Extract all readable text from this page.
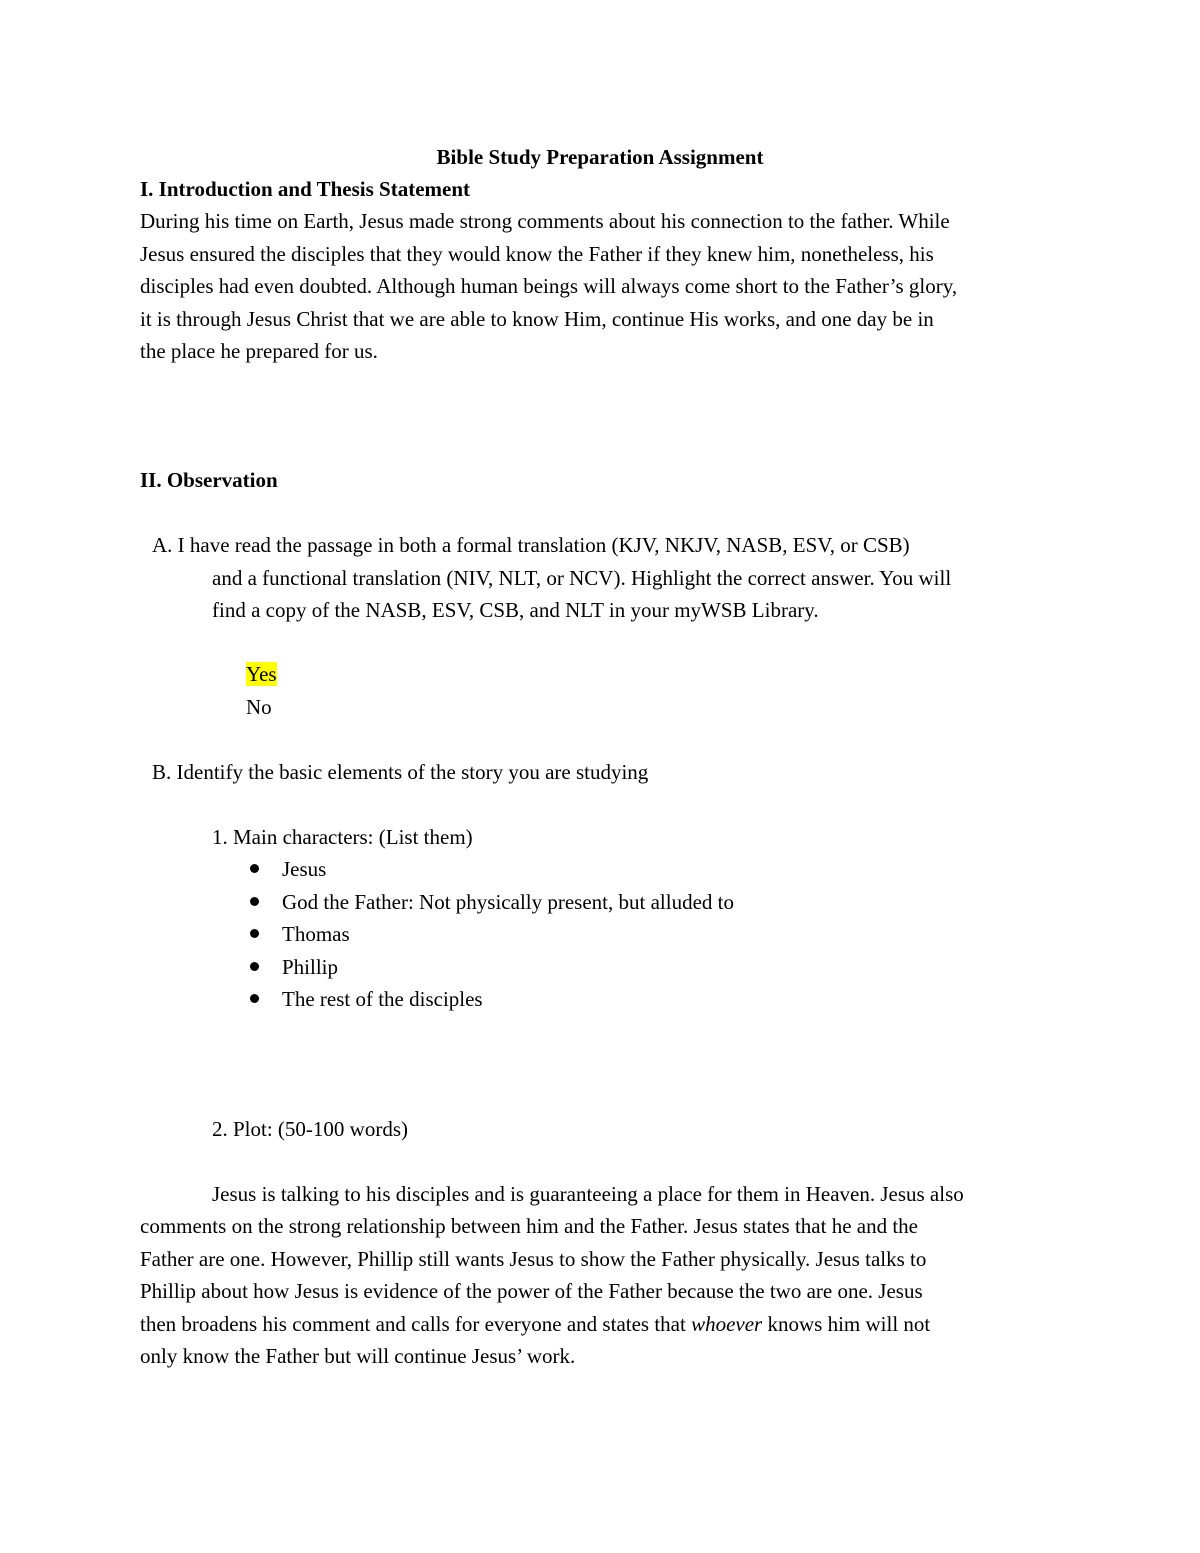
Bible Study Preparation Assignment
I. Introduction and Thesis Statement
During his time on Earth, Jesus made strong comments about his connection to the father. While
Jesus ensured the disciples that they would know the Father if they knew him, nonetheless, his
disciples had even doubted. Although human beings will always come short to the Father’s glory,
it is through Jesus Christ that we are able to know Him, continue His works, and one day be in
the place he prepared for us.
II. Observation
A. I have read the passage in both a formal translation (KJV, NKJV, NASB, ESV, or CSB)
and a functional translation (NIV, NLT, or NCV). Highlight the correct answer. You will
find a copy of the NASB, ESV, CSB, and NLT in your myWSB Library.
Yes
No
B. Identify the basic elements of the story you are studying
1. Main characters: (List them)
Jesus
God the Father: Not physically present, but alluded to
Thomas
Phillip
The rest of the disciples
2. Plot: (50-100 words)
Jesus is talking to his disciples and is guaranteeing a place for them in Heaven. Jesus also
comments on the strong relationship between him and the Father. Jesus states that he and the
Father are one. However, Phillip still wants Jesus to show the Father physically. Jesus talks to
Phillip about how Jesus is evidence of the power of the Father because the two are one. Jesus
then broadens his comment and calls for everyone and states that whoever knows him will not
only know the Father but will continue Jesus’ work.
